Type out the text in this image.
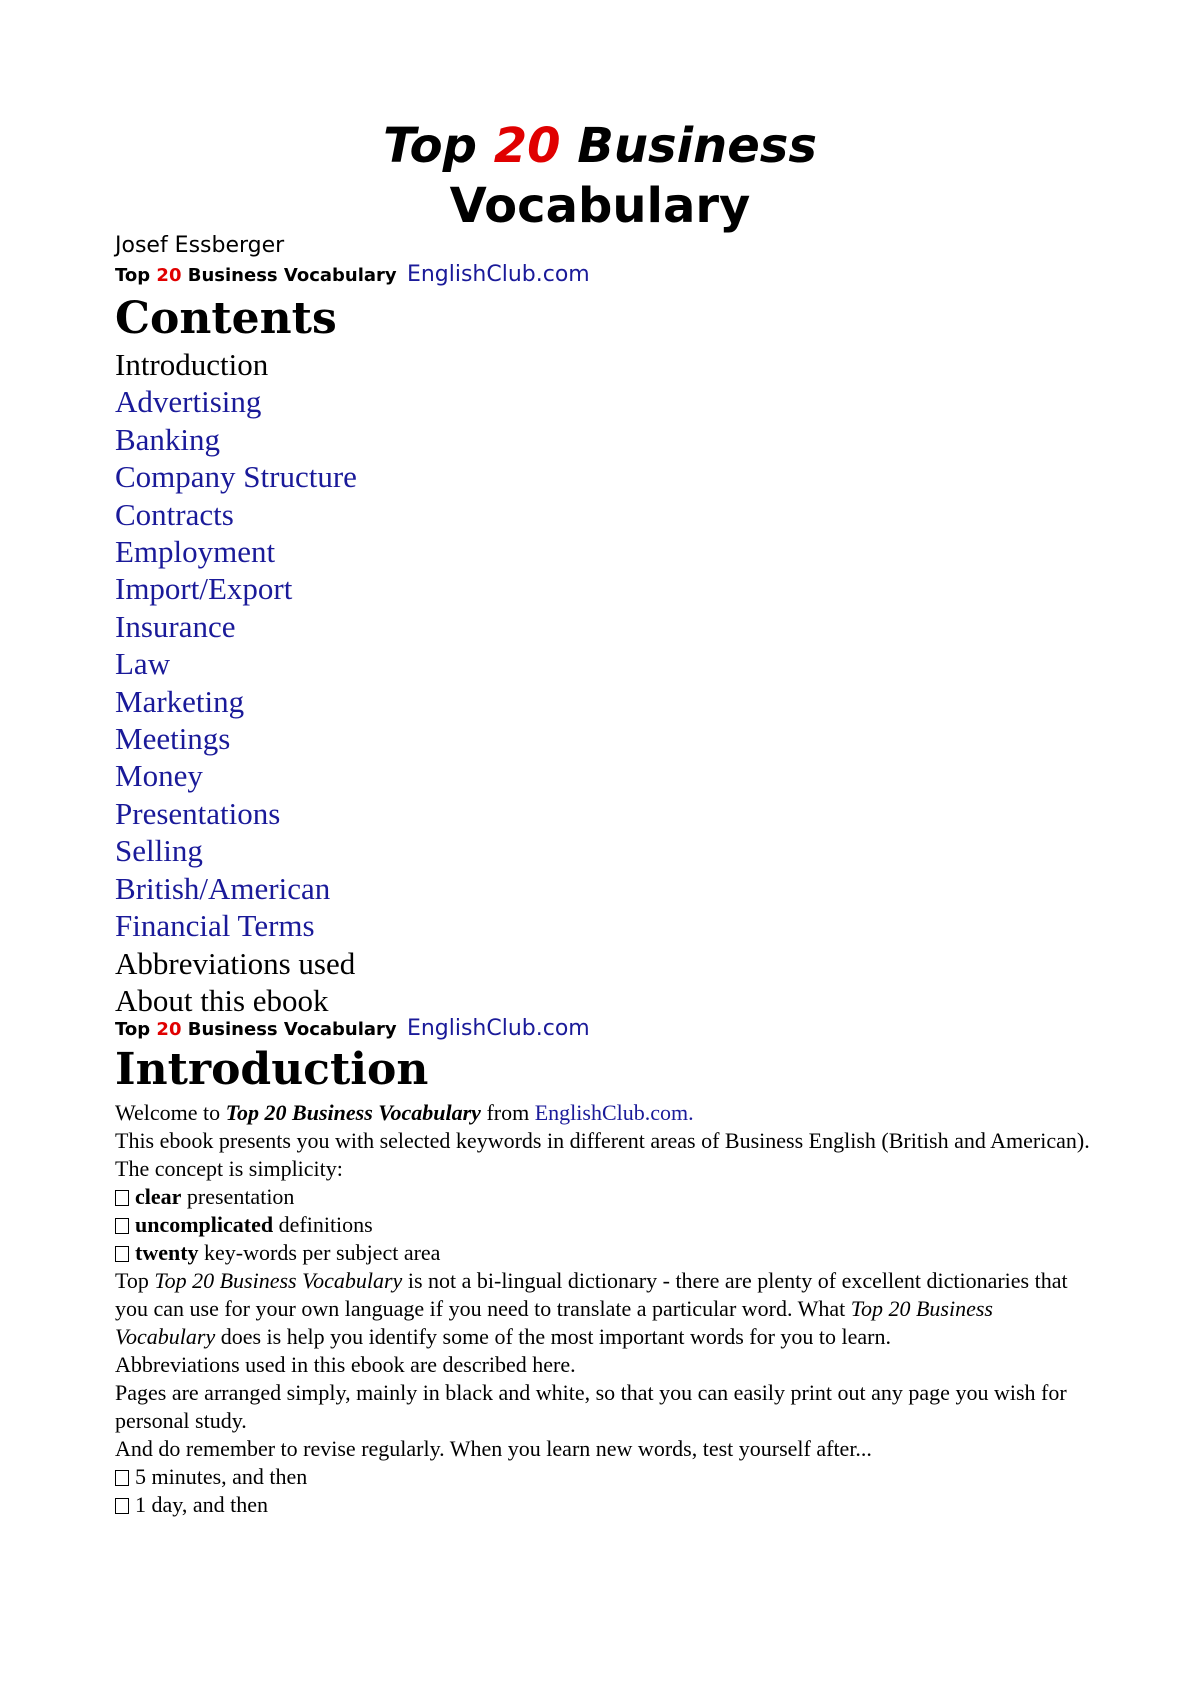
Top 20 Business
Vocabulary
Josef Essberger
Top 20 Business Vocabulary EnglishClub.com
Contents
Introduction
Advertising
Banking
Company Structure
Contracts
Employment
Import/Export
Insurance
Law
Marketing
Meetings
Money
Presentations
Selling
British/American
Financial Terms
Abbreviations used
About this ebook
Top 20 Business Vocabulary EnglishClub.com
Introduction

Welcome to Top 20 Business Vocabulary from EnglishClub.com.

This ebook presents you with selected keywords in different areas of Business English (British and American).

The concept is simplicity:

clear presentation

uncomplicated definitions

twenty key-words per subject area

Top Top 20 Business Vocabulary is not a bi-lingual dictionary - there are plenty of excellent dictionaries that you can use for your own language if you need to translate a particular word. What Top 20 Business Vocabulary does is help you identify some of the most important words for you to learn.

Abbreviations used in this ebook are described here.

Pages are arranged simply, mainly in black and white, so that you can easily print out any page you wish for personal study.

And do remember to revise regularly. When you learn new words, test yourself after...

5 minutes, and then

1 day, and then
